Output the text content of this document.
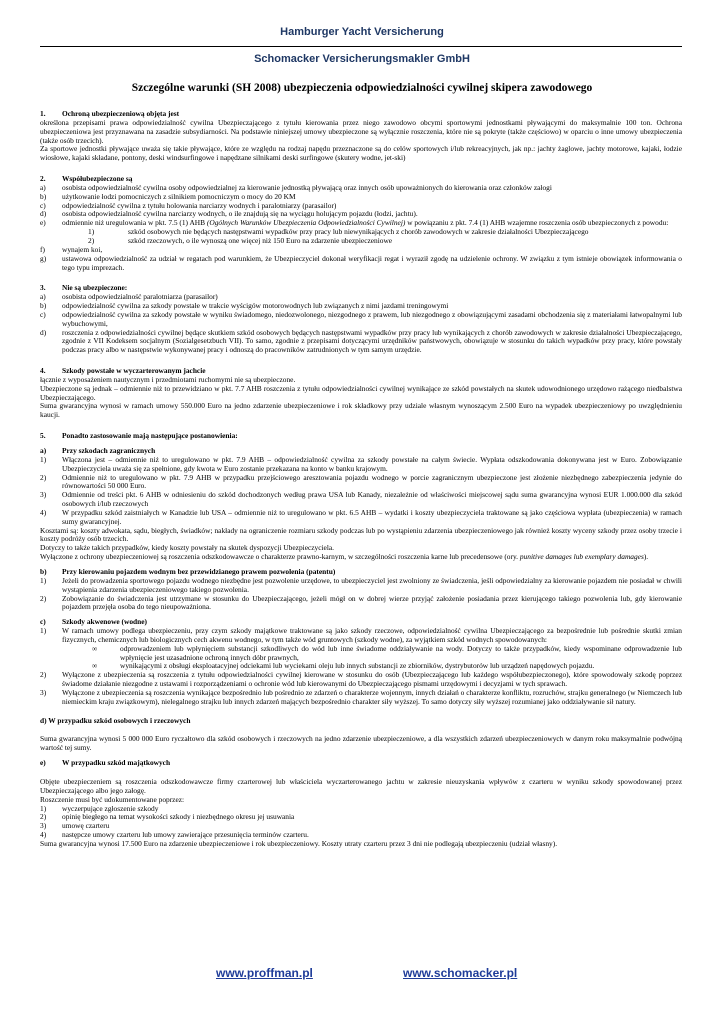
Hamburger Yacht Versicherung
Schomacker Versicherungsmakler GmbH
Szczególne warunki (SH 2008) ubezpieczenia odpowiedzialności cywilnej skipera zawodowego

1. Ochroną ubezpieczeniową objęta jest

określona przepisami prawa odpowiedzialność cywilna Ubezpieczającego z tytułu kierowania przez niego zawodowo obcymi sportowymi jednostkami pływającymi do maksymalnie 100 ton. Ochrona ubezpieczeniowa jest przyznawana na zasadzie subsydiarności. Na podstawie niniejszej umowy ubezpieczone są wyłącznie roszczenia, które nie są pokryte (także częściowo) w oparciu o inne umowy ubezpieczenia (także osób trzecich).

Za sportowe jednostki pływające uważa się takie pływające, które ze względu na rodzaj napędu przeznaczone są do celów sportowych i/lub rekreacyjnych, jak np.: jachty żaglowe, jachty motorowe, kajaki, łodzie wiosłowe, kajaki składane, pontony, deski windsurfingowe i napędzane silnikami deski surfingowe (skutery wodne, jet-ski)

2. Współubezpieczone są

a)	osobista odpowiedzialność cywilna osoby odpowiedzialnej za kierowanie jednostką pływającą oraz innych osób upoważnionych do kierowania oraz członków załogi
b)	użytkowanie łodzi pomocniczych z silnikiem pomocniczym o mocy do 20 KM
c)	odpowiedzialność cywilna z tytułu holowania narciarzy wodnych i paralotniarzy (parasailor)
d)	osobista odpowiedzialność cywilna narciarzy wodnych, o ile znajdują się na wyciągu holującym pojazdu (łodzi, jachtu).
e)	odmiennie niż uregulowania w pkt. 7.5 (1) AHB (Ogólnych Warunków Ubezpieczenia Odpowiedzialności Cywilnej) w powiązaniu z pkt. 7.4 (1) AHB wzajemne roszczenia osób ubezpieczonych z powodu:
1)	szkód osobowych nie będących następstwami wypadków przy pracy lub niewynikających z chorób zawodowych w zakresie działalności Ubezpieczającego
2)	szkód rzeczowych, o ile wynoszą one więcej niż 150 Euro na zdarzenie ubezpieczeniowe
f)	wynajem koi,
g)	ustawowa odpowiedzialność za udział w regatach pod warunkiem, że Ubezpieczyciel dokonał weryfikacji regat i wyraził zgodę na udzielenie ochrony. W związku z tym istnieje obowiązek informowania o tego typu imprezach.

3. Nie są ubezpieczone:

a)	osobista odpowiedzialność paralotniarza (parasailor)
b)	odpowiedzialność cywilna za szkody powstałe w trakcie wyścigów motorowodnych lub związanych z nimi jazdami treningowymi
c)	odpowiedzialność cywilna za szkody powstałe w wyniku świadomego, niedozwolonego, niezgodnego z prawem, lub niezgodnego z obowiązującymi zasadami obchodzenia się z materiałami łatwopalnymi lub wybuchowymi,
d)	roszczenia z odpowiedzialności cywilnej będące skutkiem szkód osobowych będących następstwami wypadków przy pracy lub wynikających z chorób zawodowych w zakresie działalności Ubezpieczającego, zgodnie z VII Kodeksem socjalnym (Sozialgesetzbuch VII). To samo, zgodnie z przepisami dotyczącymi urzędników państwowych, obowiązuje w stosunku do takich wypadków przy pracy, które powstały podczas pracy albo w następstwie wykonywanej pracy i odnoszą do pracowników zatrudnionych w tym samym urzędzie.

4. Szkody powstałe w wyczarterowanym jachcie

łącznie z wyposażeniem nautycznym i przedmiotami ruchomymi nie są ubezpieczone.

Ubezpieczone są jednak – odmiennie niż to przewidziano w pkt. 7.7 AHB roszczenia z tytułu odpowiedzialności cywilnej wynikające ze szkód powstałych na skutek udowodnionego urzędowo rażącego niedbalstwa Ubezpieczającego.

Suma gwarancyjna wynosi w ramach umowy 550.000 Euro na jedno zdarzenie ubezpieczeniowe i rok składkowy przy udziale własnym wynoszącym 2.500 Euro na wypadek ubezpieczeniowy po uwzględnieniu kaucji.

5. Ponadto zastosowanie mają następujące postanowienia:

a)	Przy szkodach zagranicznych
1)	Włączona jest – odmiennie niż to uregulowano w pkt. 7.9 AHB – odpowiedzialność cywilna za szkody powstałe na całym świecie. Wypłata odszkodowania dokonywana jest w Euro. Zobowiązanie Ubezpieczyciela uważa się za spełnione, gdy kwota w Euro zostanie przekazana na konto w banku krajowym.
2)	Odmiennie niż to uregulowano w pkt. 7.9 AHB w przypadku przejściowego aresztowania pojazdu wodnego w porcie zagranicznym ubezpieczone jest złożenie niezbędnego zabezpieczenia jedynie do równowartości 50 000 Euro.
3)	Odmiennie od treści pkt. 6 AHB w odniesieniu do szkód dochodzonych według prawa USA lub Kanady, niezależnie od właściwości miejscowej sądu suma gwarancyjna wynosi EUR 1.000.000 dla szkód osobowych i/lub rzeczowych
4)	W przypadku szkód zaistniałych w Kanadzie lub USA – odmiennie niż to uregulowano w pkt. 6.5 AHB – wydatki i koszty ubezpieczyciela traktowane są jako częściowa wypłata (ubezpieczenia) w ramach sumy gwarancyjnej.

Kosztami są: koszty adwokata, sądu, biegłych, świadków; nakłady na ograniczenie rozmiaru szkody podczas lub po wystąpieniu zdarzenia ubezpieczeniowego jak również koszty wyceny szkody przez osoby trzecie i koszty podróży osób trzecich.

Dotyczy to także takich przypadków, kiedy koszty powstały na skutek dyspozycji Ubezpieczyciela.

Wyłączone z ochrony ubezpieczeniowej są roszczenia odszkodowawcze o charakterze prawno-karnym, w szczególności roszczenia karne lub precedensowe (ory. punitive damages lub exemplary damages).

b)	Przy kierowaniu pojazdem wodnym bez przewidzianego prawem pozwolenia (patentu)
1)	Jeżeli do prowadzenia sportowego pojazdu wodnego niezbędne jest pozwolenie urzędowe, to ubezpieczyciel jest zwolniony ze świadczenia, jeśli odpowiedzialny za kierowanie pojazdem nie posiadał w chwili wystąpienia zdarzenia ubezpieczeniowego takiego pozwolenia.
2)	Zobowiązanie do świadczenia jest utrzymane w stosunku do Ubezpieczającego, jeżeli mógł on w dobrej wierze przyjąć założenie posiadania przez kierującego takiego pozwolenia lub, gdy kierowanie pojazdem przejęła osoba do tego nieupoważniona.
c)	Szkody akwenowe (wodne)
1)	W ramach umowy podlega ubezpieczeniu, przy czym szkody majątkowe traktowane są jako szkody rzeczowe, odpowiedzialność cywilna Ubezpieczającego za bezpośrednie lub pośrednie skutki zmian fizycznych, chemicznych lub biologicznych cech akwenu wodnego, w tym także wód gruntowych (szkody wodne), za wyjątkiem szkód wodnych spowodowanych:
∞	odprowadzeniem lub wpłynięciem substancji szkodliwych do wód lub inne świadome oddziaływanie na wody. Dotyczy to także przypadków, kiedy wspominane odprowadzenie lub wpłynięcie jest uzasadnione ochroną innych dóbr prawnych,
∞	wynikającymi z obsługi eksploatacyjnej odciekami lub wyciekami oleju lub innych substancji ze zbiorników, dystrybutorów lub urządzeń napędowych pojazdu.
2)	Wyłączone z ubezpieczenia są roszczenia z tytułu odpowiedzialności cywilnej kierowane w stosunku do osób (Ubezpieczającego lub każdego współubezpieczonego), które spowodowały szkodę poprzez świadome działanie niezgodne z ustawami i rozporządzeniami o ochronie wód lub kierowanymi do Ubezpieczającego pismami urzędowymi i decyzjami w tych sprawach.
3)	Wyłączone z ubezpieczenia są roszczenia wynikające bezpośrednio lub pośrednio ze zdarzeń o charakterze wojennym, innych działań o charakterze konfliktu, rozruchów, strajku generalnego (w Niemczech lub niemieckim kraju związkowym), nielegalnego strajku lub innych zdarzeń mających bezpośrednio charakter siły wyższej. To samo dotyczy siły wyższej rozumianej jako oddziaływanie sił natury.

d) W przypadku szkód osobowych i rzeczowych

Suma gwarancyjna wynosi 5 000 000 Euro ryczałtowo dla szkód osobowych i rzeczowych na jedno zdarzenie ubezpieczeniowe, a dla wszystkich zdarzeń ubezpieczeniowych w danym roku maksymalnie podwójną wartość tej sumy.

e)	W przypadku szkód majątkowych

Objęte ubezpieczeniem są roszczenia odszkodowawcze firmy czarterowej lub właściciela wyczarterowanego jachtu w zakresie nieuzyskania wpływów z czarteru w wyniku szkody spowodowanej przez Ubezpieczającego albo jego załogę.

Roszczenie musi być udokumentowane poprzez:

1)	wyczerpujące zgłoszenie szkody
2)	opinię biegłego na temat wysokości szkody i niezbędnego okresu jej usuwania
3)	umowę czarteru
4)	następcze umowy czarteru lub umowy zawierające przesunięcia terminów czarteru.

Suma gwarancyjna wynosi 17.500 Euro na zdarzenie ubezpieczeniowe i rok ubezpieczeniowy. Koszty utraty czarteru przez 3 dni nie podlegają ubezpieczeniu (udział własny).

www.proffman.pl	www.schomacker.pl
